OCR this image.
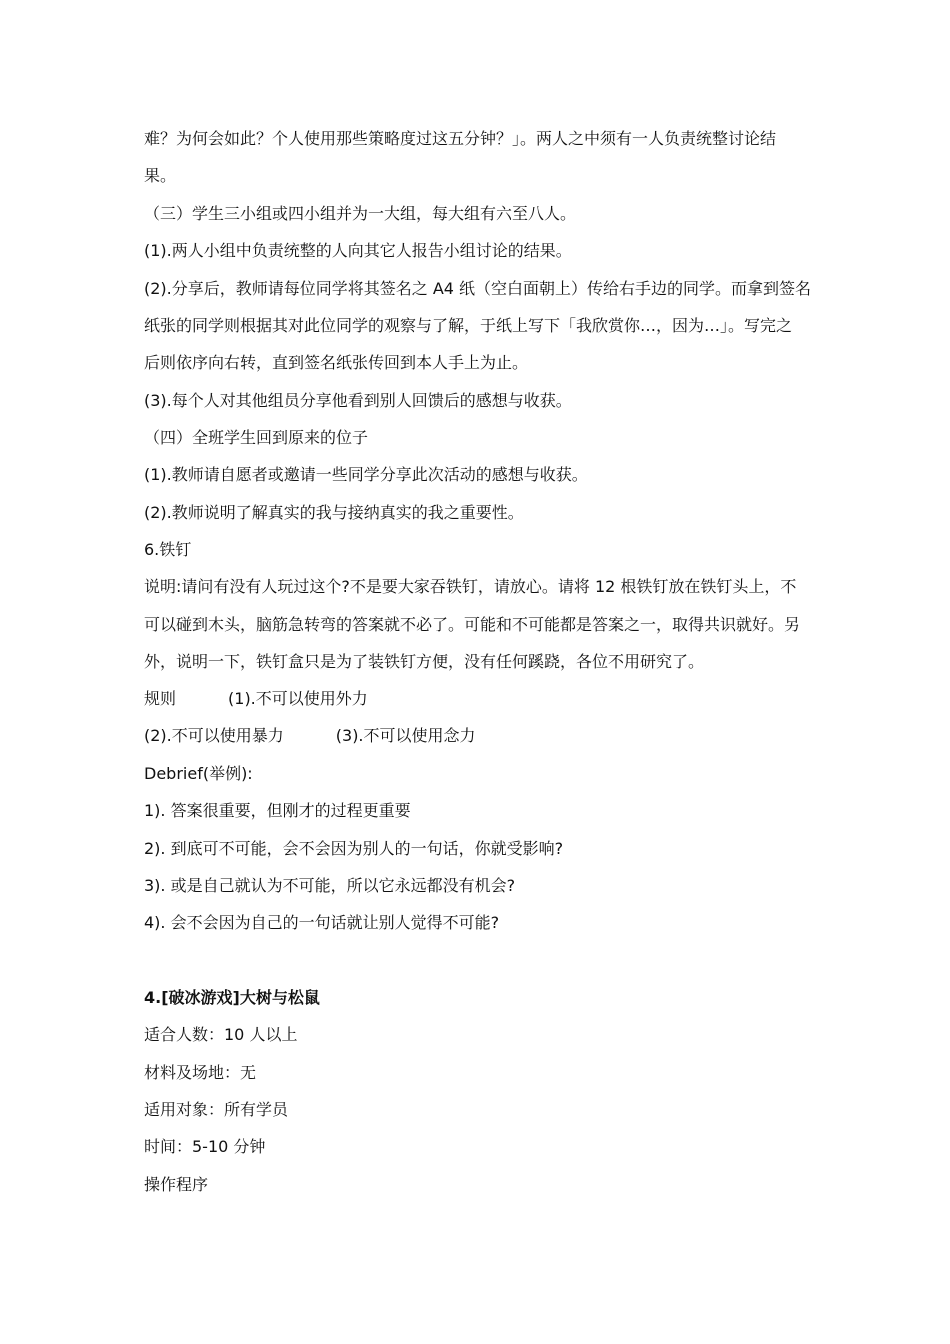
难？为何会如此？个人使用那些策略度过这五分钟？」。两人之中须有一人负责统整讨论结
果。
（三）学生三小组或四小组并为一大组，每大组有六至八人。
(1).两人小组中负责统整的人向其它人报告小组讨论的结果。
(2).分享后，教师请每位同学将其签名之 A4 纸（空白面朝上）传给右手边的同学。而拿到签名
纸张的同学则根据其对此位同学的观察与了解，于纸上写下「我欣赏你…，因为…」。写完之
后则依序向右转，直到签名纸张传回到本人手上为止。
(3).每个人对其他组员分享他看到别人回馈后的感想与收获。
（四）全班学生回到原来的位子
(1).教师请自愿者或邀请一些同学分享此次活动的感想与收获。
(2).教师说明了解真实的我与接纳真实的我之重要性。
6.铁钉
说明:请问有没有人玩过这个?不是要大家吞铁钉，请放心。请将 12 根铁钉放在铁钉头上，不
可以碰到木头，脑筋急转弯的答案就不必了。可能和不可能都是答案之一，取得共识就好。另
外，说明一下，铁钉盒只是为了装铁钉方便，没有任何蹊跷，各位不用研究了。
规则	(1).不可以使用外力
(2).不可以使用暴力	(3).不可以使用念力
Debrief(举例):
1). 答案很重要，但刚才的过程更重要
2). 到底可不可能，会不会因为别人的一句话，你就受影响?
3). 或是自己就认为不可能，所以它永远都没有机会?
4). 会不会因为自己的一句话就让别人觉得不可能?
4.[破冰游戏]大树与松鼠
适合人数：10 人以上
材料及场地：无
适用对象：所有学员
时间：5-10 分钟
操作程序
